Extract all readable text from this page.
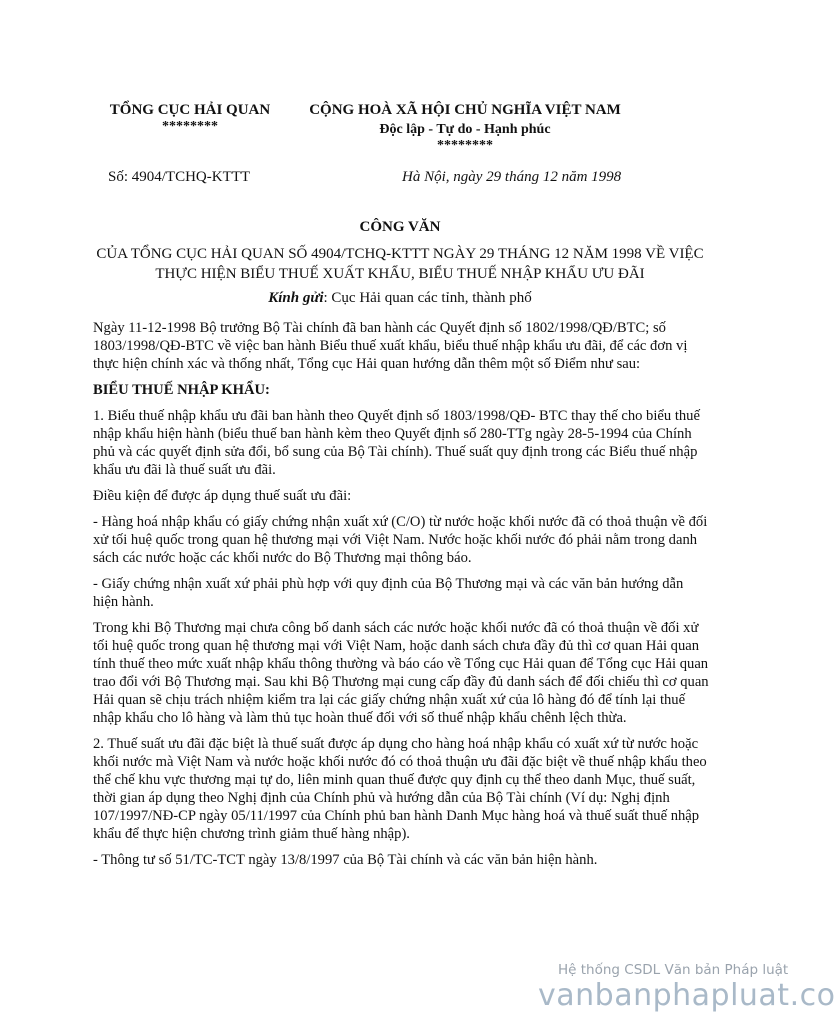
TỔNG CỤC HẢI QUAN
********
CỘNG HOÀ XÃ HỘI CHỦ NGHĨA VIỆT NAM
Độc lập - Tự do - Hạnh phúc
********
Số: 4904/TCHQ-KTTT	Hà Nội, ngày 29 tháng 12 năm 1998
CÔNG VĂN
CỦA TỔNG CỤC HẢI QUAN SỐ 4904/TCHQ-KTTT NGÀY 29 THÁNG 12 NĂM 1998 VỀ VIỆC THỰC HIỆN BIỂU THUẾ XUẤT KHẨU, BIỂU THUẾ NHẬP KHẨU ƯU ĐÃI
Kính gửi: Cục Hải quan các tỉnh, thành phố

Ngày 11-12-1998 Bộ trưởng Bộ Tài chính đã ban hành các Quyết định số 1802/1998/QĐ/BTC; số 1803/1998/QĐ-BTC về việc ban hành Biểu thuế xuất khẩu, biểu thuế nhập khẩu ưu đãi, để các đơn vị thực hiện chính xác và thống nhất, Tổng cục Hải quan hướng dẫn thêm một số Điểm như sau:

BIỂU THUẾ NHẬP KHẨU:

1. Biểu thuế nhập khẩu ưu đãi ban hành theo Quyết định số 1803/1998/QĐ- BTC thay thế cho biểu thuế nhập khẩu hiện hành (biểu thuế ban hành kèm theo Quyết định số 280-TTg ngày 28-5-1994 của Chính phủ và các quyết định sửa đổi, bổ sung của Bộ Tài chính). Thuế suất quy định trong các Biểu thuế nhập khẩu ưu đãi là thuế suất ưu đãi.

Điều kiện để được áp dụng thuế suất ưu đãi:

- Hàng hoá nhập khẩu có giấy chứng nhận xuất xứ (C/O) từ nước hoặc khối nước đã có thoả thuận về đối xử tối huệ quốc trong quan hệ thương mại với Việt Nam. Nước hoặc khối nước đó phải nằm trong danh sách các nước hoặc các khối nước do Bộ Thương mại thông báo.

- Giấy chứng nhận xuất xứ phải phù hợp với quy định của Bộ Thương mại và các văn bản hướng dẫn hiện hành.

Trong khi Bộ Thương mại chưa công bố danh sách các nước hoặc khối nước đã có thoả thuận về đối xử tối huệ quốc trong quan hệ thương mại với Việt Nam, hoặc danh sách chưa đầy đủ thì cơ quan Hải quan tính thuế theo mức xuất nhập khẩu thông thường và báo cáo về Tổng cục Hải quan để Tổng cục Hải quan trao đổi với Bộ Thương mại. Sau khi Bộ Thương mại cung cấp đầy đủ danh sách để đối chiếu thì cơ quan Hải quan sẽ chịu trách nhiệm kiểm tra lại các giấy chứng nhận xuất xứ của lô hàng đó để tính lại thuế nhập khẩu cho lô hàng và làm thủ tục hoàn thuế đối với số thuế nhập khẩu chênh lệch thừa.

2. Thuế suất ưu đãi đặc biệt là thuế suất được áp dụng cho hàng hoá nhập khẩu có xuất xứ từ nước hoặc khối nước mà Việt Nam và nước hoặc khối nước đó có thoả thuận ưu đãi đặc biệt về thuế nhập khẩu theo thể chế khu vực thương mại tự do, liên minh quan thuế được quy định cụ thể theo danh Mục, thuế suất, thời gian áp dụng theo Nghị định của Chính phủ và hướng dẫn của Bộ Tài chính (Ví dụ: Nghị định 107/1997/NĐ-CP ngày 05/11/1997 của Chính phủ ban hành Danh Mục hàng hoá và thuế suất thuế nhập khẩu để thực hiện chương trình giảm thuế hàng nhập).

- Thông tư số 51/TC-TCT ngày 13/8/1997 của Bộ Tài chính và các văn bản hiện hành.

Hệ thống CSDL Văn bản Pháp luật
vanbanphapluat.co
